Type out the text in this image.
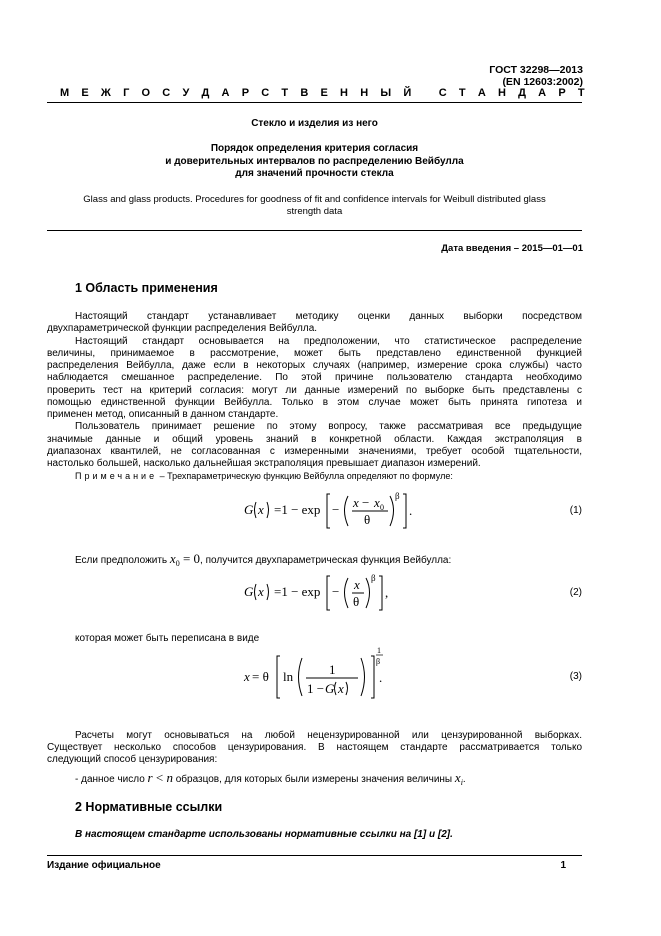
ГОСТ 32298—2013
(EN 12603:2002)
М Е Ж Г О С У Д А Р С Т В Е Н Н Ы Й
С Т А Н Д А Р Т
Стекло и изделия из него
Порядок определения критерия согласия
и доверительных интервалов по распределению Вейбулла
для значений прочности стекла
Glass and glass products. Procedures for goodness of fit and confidence intervals for Weibull distributed glass
strength data
Дата введения – 2015—01—01
1 Область применения
Настоящий стандарт устанавливает методику оценки данных выборки посредством
двухпараметрической функции распределения Вейбулла.
Настоящий стандарт основывается на предположении, что статистическое распределение
величины, принимаемое в рассмотрение, может быть представлено единственной функцией
распределения Вейбулла, даже если в некоторых случаях (например, измерение срока службы) часто
наблюдается смешанное распределение. По этой причине пользователю стандарта необходимо
проверить тест на критерий согласия: могут ли данные измерений по выборке быть представлены с
помощью единственной функции Вейбулла. Только в этом случае может быть принята гипотеза и
применен метод, описанный в данном стандарте.
Пользователь принимает решение по этому вопросу, также рассматривая все предыдущие
значимые данные и общий уровень знаний в конкретной области. Каждая экстраполяция в
диапазонах квантилей, не согласованная с измеренными значениями, требует особой тщательности,
настолько большей, насколько дальнейшая экстраполяция превышает диапазон измерений.
Примечание – Трехпараметрическую функцию Вейбулла определяют по формуле:
G x =1 − exp − x − x 0
θ
β
.	(1)
Если предположить $x_0 = 0$, получится двухпараметрическая функция Вейбулла:
G x =1 − exp − x
θ
β
,	(2)
которая может быть переписана в виде
x = θ ln	1
1 − G x
1
β
.	(3)
Расчеты могут основываться на любой нецензурированной или цензурированной выборках.
Существует несколько способов цензурирования. В настоящем стандарте рассматривается только
следующий способ цензурирования:
- данное число r < n образцов, для которых были измерены значения величины $x_i$.
2 Нормативные ссылки
В настоящем стандарте использованы нормативные ссылки на [1] и [2].
Издание официальное	1
